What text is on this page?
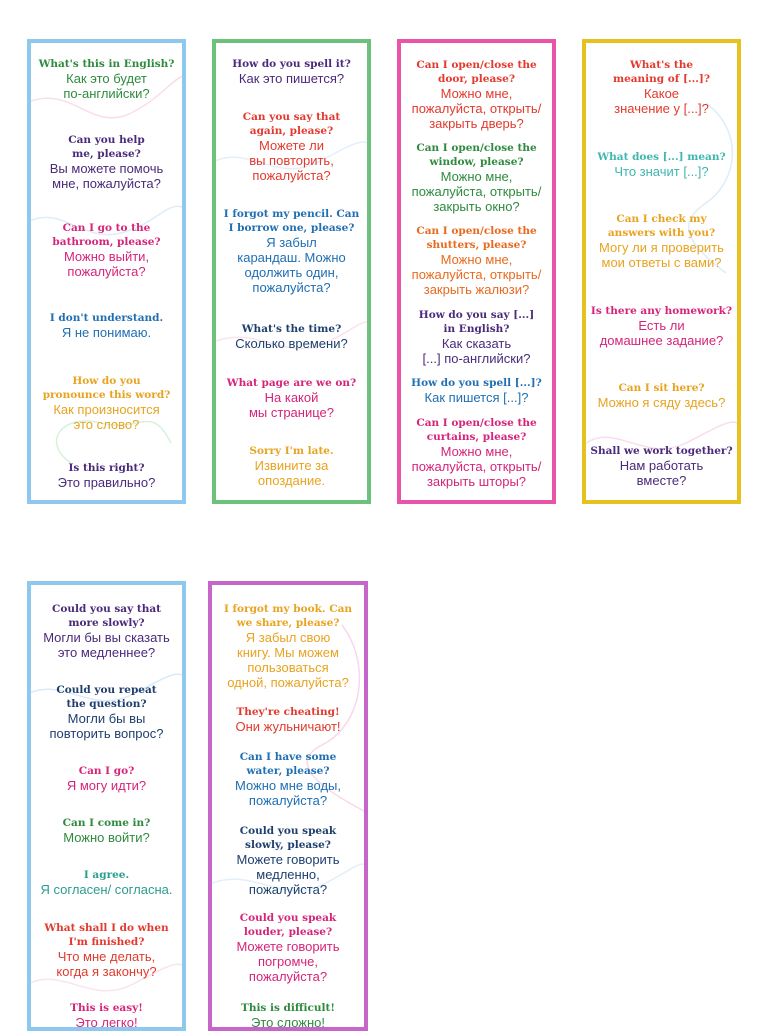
What's this in English?
Как это будет
по-английски?
Can you help
me, please?
Вы можете помочь
мне, пожалуйста?
Can I go to the
bathroom, please?
Можно выйти,
пожалуйста?
I don't understand.
Я не понимаю.
How do you
pronounce this word?
Как произносится
это слово?
Is this right?
Это правильно?
How do you spell it?
Как это пишется?
Can you say that
again, please?
Можете ли
вы повторить,
пожалуйста?
I forgot my pencil. Can
I borrow one, please?
Я забыл
карандаш. Можно
одолжить один,
пожалуйста?
What's the time?
Сколько времени?
What page are we on?
На какой
мы странице?
Sorry I'm late.
Извините за
опоздание.
Can I open/close the
door, please?
Можно мне,
пожалуйста, открыть/
закрыть дверь?
Can I open/close the
window, please?
Можно мне,
пожалуйста, открыть/
закрыть окно?
Can I open/close the
shutters, please?
Можно мне,
пожалуйста, открыть/
закрыть жалюзи?
How do you say [...]
in English?
Как сказать
[...] по-английски?
How do you spell [...]?
Как пишется [...]?
Can I open/close the
curtains, please?
Можно мне,
пожалуйста, открыть/
закрыть шторы?
What's the
meaning of [...]?
Какое
значение у [...]?
What does [...] mean?
Что значит [...]?
Can I check my
answers with you?
Могу ли я проверить
мои ответы с вами?
Is there any homework?
Есть ли
домашнее задание?
Can I sit here?
Можно я сяду здесь?
Shall we work together?
Нам работать
вместе?
Could you say that
more slowly?
Могли бы вы сказать
это медленнее?
Could you repeat
the question?
Могли бы вы
повторить вопрос?
Can I go?
Я могу идти?
Can I come in?
Можно войти?
I agree.
Я согласен/ согласна.
What shall I do when
I'm finished?
Что мне делать,
когда я закончу?
This is easy!
Это легко!
I forgot my book. Can
we share, please?
Я забыл свою
книгу. Мы можем
пользоваться
одной, пожалуйста?
They're cheating!
Они жульничают!
Can I have some
water, please?
Можно мне воды,
пожалуйста?
Could you speak
slowly, please?
Можете говорить
медленно,
пожалуйста?
Could you speak
louder, please?
Можете говорить
погромче,
пожалуйста?
This is difficult!
Это сложно!
